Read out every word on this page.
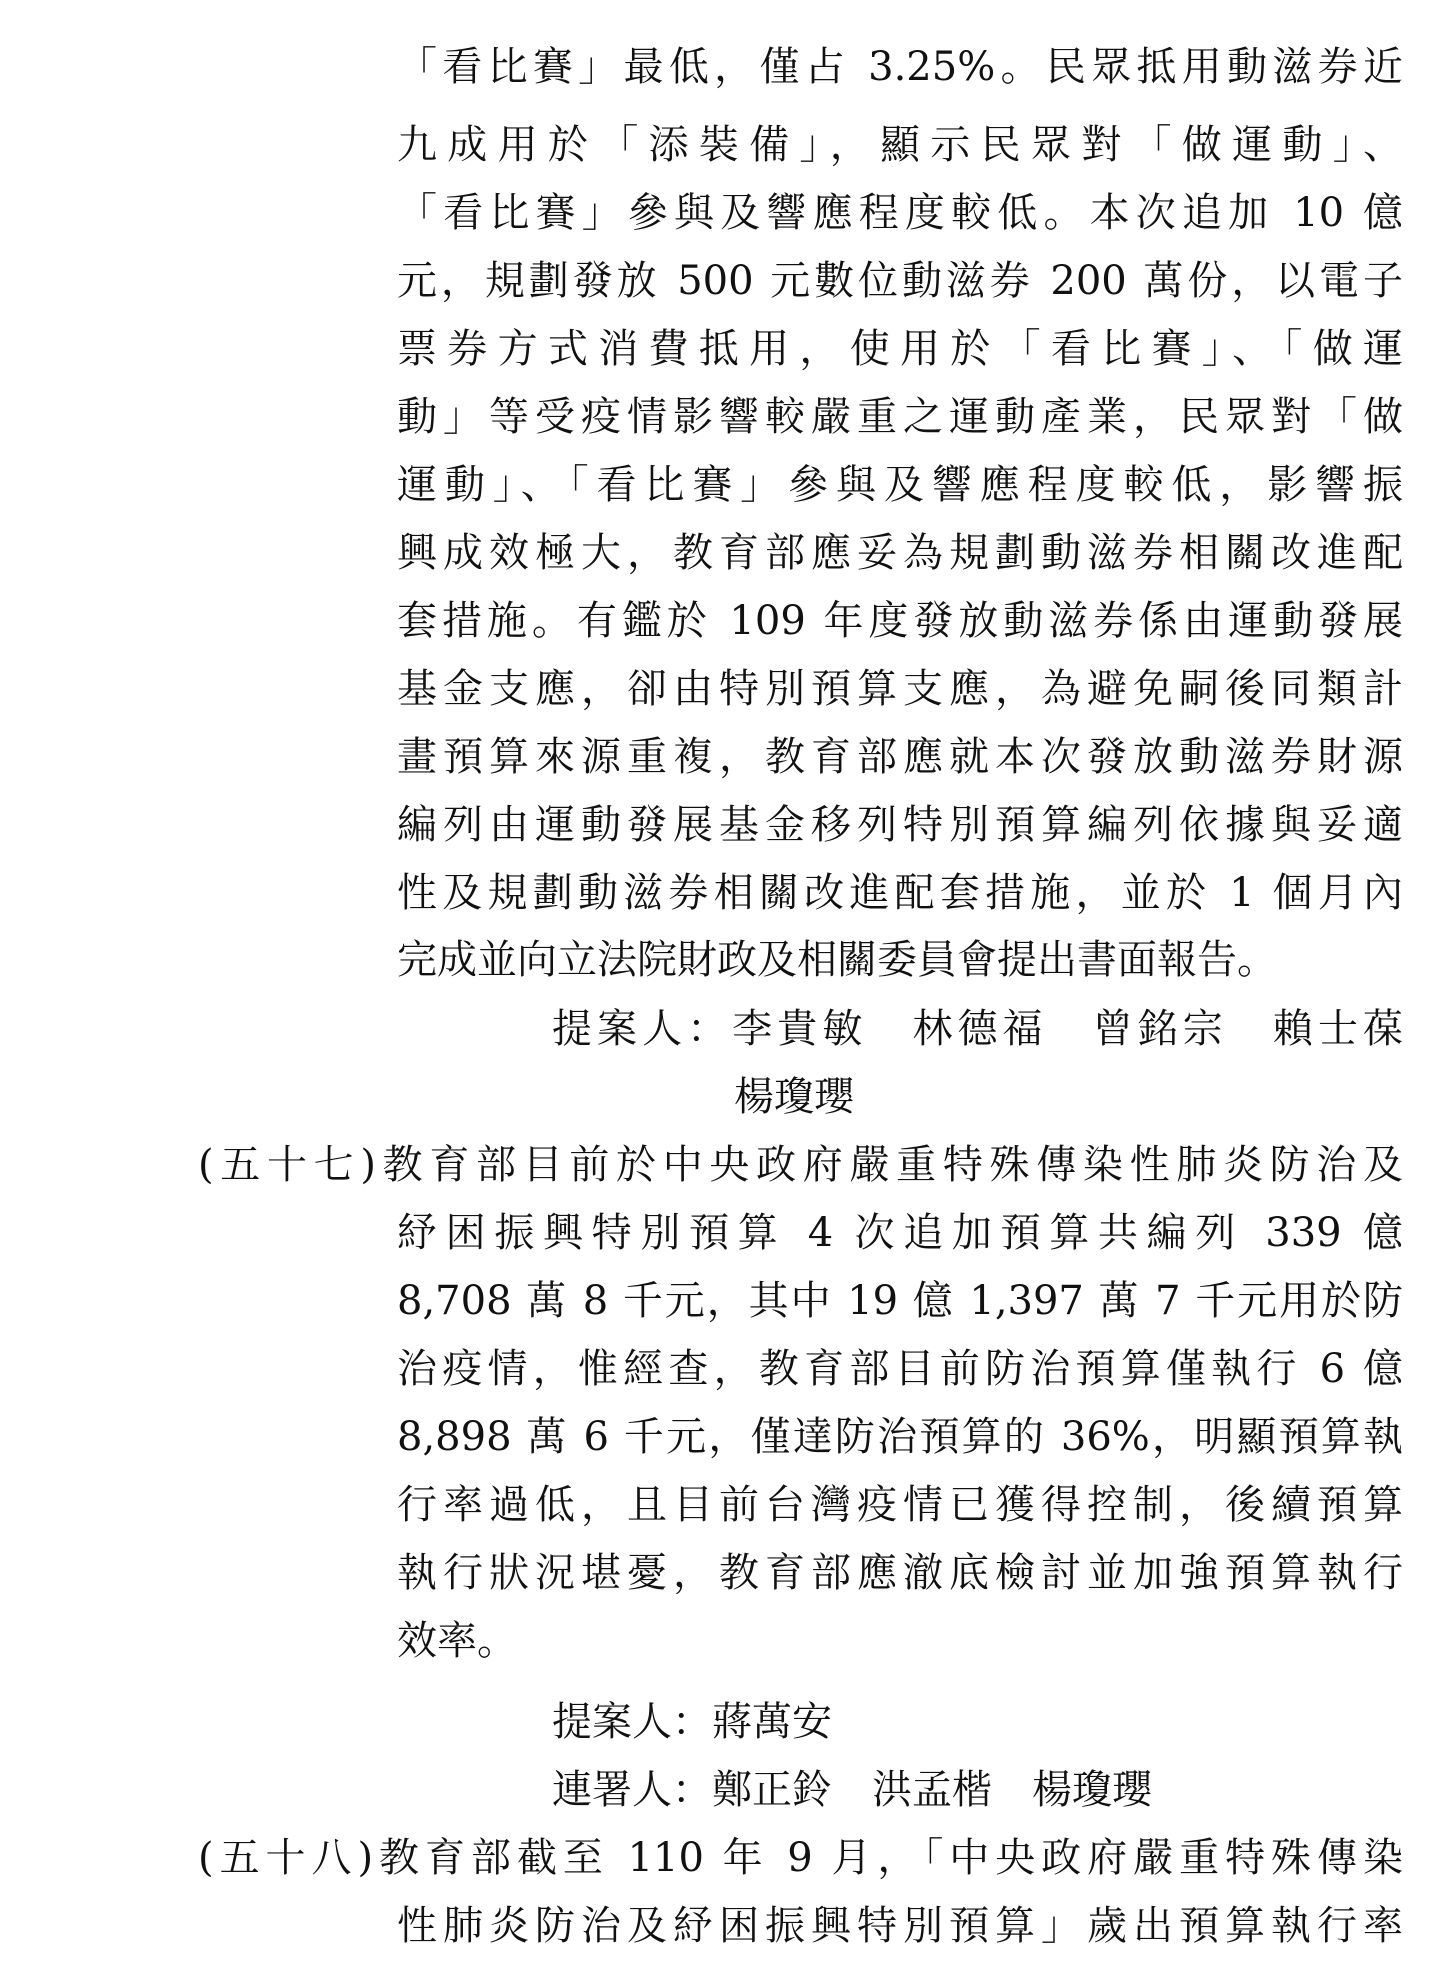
「看比賽」最低，僅占 3.25%。民眾抵用動滋券近
九成用於「添裝備」，顯示民眾對「做運動」、
「看比賽」參與及響應程度較低。本次追加 10 億
元，規劃發放 500 元數位動滋券 200 萬份，以電子
票券方式消費抵用，使用於「看比賽」、「做運
動」等受疫情影響較嚴重之運動產業，民眾對「做
運動」、「看比賽」參與及響應程度較低，影響振
興成效極大，教育部應妥為規劃動滋券相關改進配
套措施。有鑑於 109 年度發放動滋券係由運動發展
基金支應，卻由特別預算支應，為避免嗣後同類計
畫預算來源重複，教育部應就本次發放動滋券財源
編列由運動發展基金移列特別預算編列依據與妥適
性及規劃動滋券相關改進配套措施，並於 1 個月內
完成並向立法院財政及相關委員會提出書面報告。
提案人：李貴敏　林德福　曾銘宗　賴士葆
楊瓊瓔
(五十七)教育部目前於中央政府嚴重特殊傳染性肺炎防治及
紓困振興特別預算 4 次追加預算共編列 339 億
8,708 萬 8 千元，其中 19 億 1,397 萬 7 千元用於防
治疫情，惟經查，教育部目前防治預算僅執行 6 億
8,898 萬 6 千元，僅達防治預算的 36%，明顯預算執
行率過低，且目前台灣疫情已獲得控制，後續預算
執行狀況堪憂，教育部應澈底檢討並加強預算執行
效率。
提案人：蔣萬安
連署人：鄭正鈴　洪孟楷　楊瓊瓔
(五十八)教育部截至 110 年 9 月，「中央政府嚴重特殊傳染
性肺炎防治及紓困振興特別預算」歲出預算執行率
